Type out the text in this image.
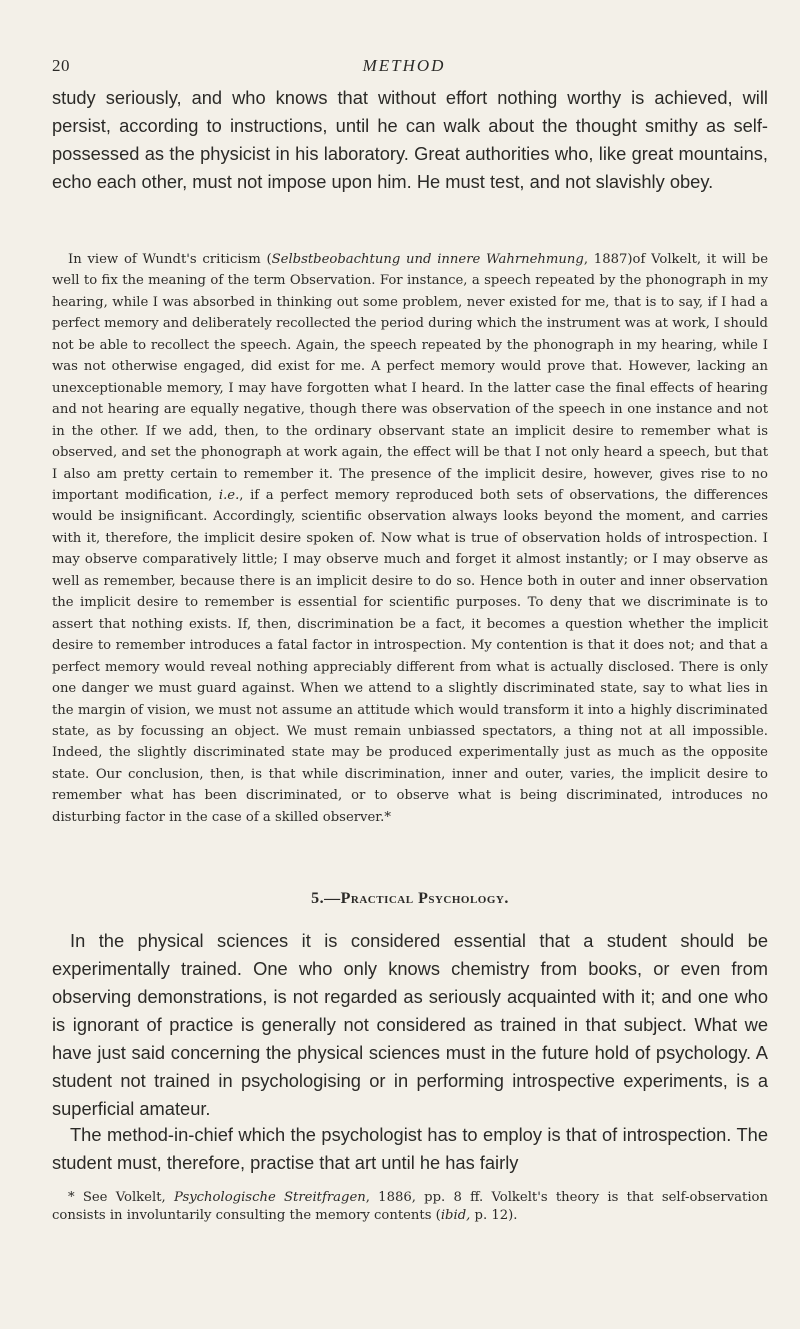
20	METHOD

study seriously, and who knows that without effort nothing worthy is achieved, will persist, according to instructions, until he can walk about the thought smithy as self-possessed as the physicist in his laboratory. Great authorities who, like great mountains, echo each other, must not impose upon him. He must test, and not slavishly obey.

In view of Wundt's criticism (Selbstbeobachtung und innere Wahrnehmung, 1887)of Volkelt, it will be well to fix the meaning of the term Observation. For instance, a speech repeated by the phonograph in my hearing, while I was absorbed in thinking out some problem, never existed for me, that is to say, if I had a perfect memory and deliberately recollected the period during which the instrument was at work, I should not be able to recollect the speech. Again, the speech repeated by the phonograph in my hearing, while I was not otherwise engaged, did exist for me. A perfect memory would prove that. However, lacking an unexceptionable memory, I may have forgotten what I heard. In the latter case the final effects of hearing and not hearing are equally negative, though there was observation of the speech in one instance and not in the other. If we add, then, to the ordinary observant state an implicit desire to remember what is observed, and set the phonograph at work again, the effect will be that I not only heard a speech, but that I also am pretty certain to remember it. The presence of the implicit desire, however, gives rise to no important modification, i.e., if a perfect memory reproduced both sets of observations, the differences would be insignificant. Accordingly, scientific observation always looks beyond the moment, and carries with it, therefore, the implicit desire spoken of. Now what is true of observation holds of introspection. I may observe comparatively little; I may observe much and forget it almost instantly; or I may observe as well as remember, because there is an implicit desire to do so. Hence both in outer and inner observation the implicit desire to remember is essential for scientific purposes. To deny that we discriminate is to assert that nothing exists. If, then, discrimination be a fact, it becomes a question whether the implicit desire to remember introduces a fatal factor in introspection. My contention is that it does not; and that a perfect memory would reveal nothing appreciably different from what is actually disclosed. There is only one danger we must guard against. When we attend to a slightly discriminated state, say to what lies in the margin of vision, we must not assume an attitude which would transform it into a highly discriminated state, as by focussing an object. We must remain unbiassed spectators, a thing not at all impossible. Indeed, the slightly discriminated state may be produced experimentally just as much as the opposite state. Our conclusion, then, is that while discrimination, inner and outer, varies, the implicit desire to remember what has been discriminated, or to observe what is being discriminated, introduces no disturbing factor in the case of a skilled observer.*

5.—Practical Psychology.

In the physical sciences it is considered essential that a student should be experimentally trained. One who only knows chemistry from books, or even from observing demonstrations, is not regarded as seriously acquainted with it; and one who is ignorant of practice is generally not considered as trained in that subject. What we have just said concerning the physical sciences must in the future hold of psychology. A student not trained in psychologising or in performing introspective experiments, is a superficial amateur.

The method-in-chief which the psychologist has to employ is that of introspection. The student must, therefore, practise that art until he has fairly

* See Volkelt, Psychologische Streitfragen, 1886, pp. 8 ff. Volkelt's theory is that self-observation consists in involuntarily consulting the memory contents (ibid, p. 12).
